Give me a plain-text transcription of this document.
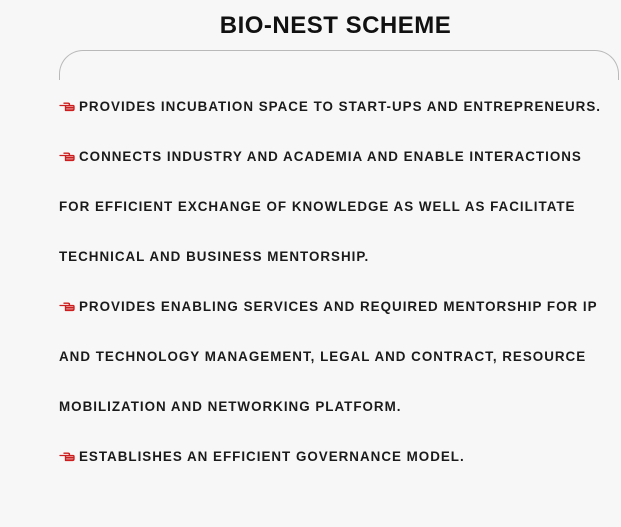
BIO-NEST SCHEME

PROVIDES INCUBATION SPACE TO START-UPS AND ENTREPRENEURS.

CONNECTS INDUSTRY AND ACADEMIA AND ENABLE INTERACTIONS FOR EFFICIENT EXCHANGE OF KNOWLEDGE AS WELL AS FACILITATE TECHNICAL AND BUSINESS MENTORSHIP.

PROVIDES ENABLING SERVICES AND REQUIRED MENTORSHIP FOR IP AND TECHNOLOGY MANAGEMENT, LEGAL AND CONTRACT, RESOURCE MOBILIZATION AND NETWORKING PLATFORM.

ESTABLISHES AN EFFICIENT GOVERNANCE MODEL.
